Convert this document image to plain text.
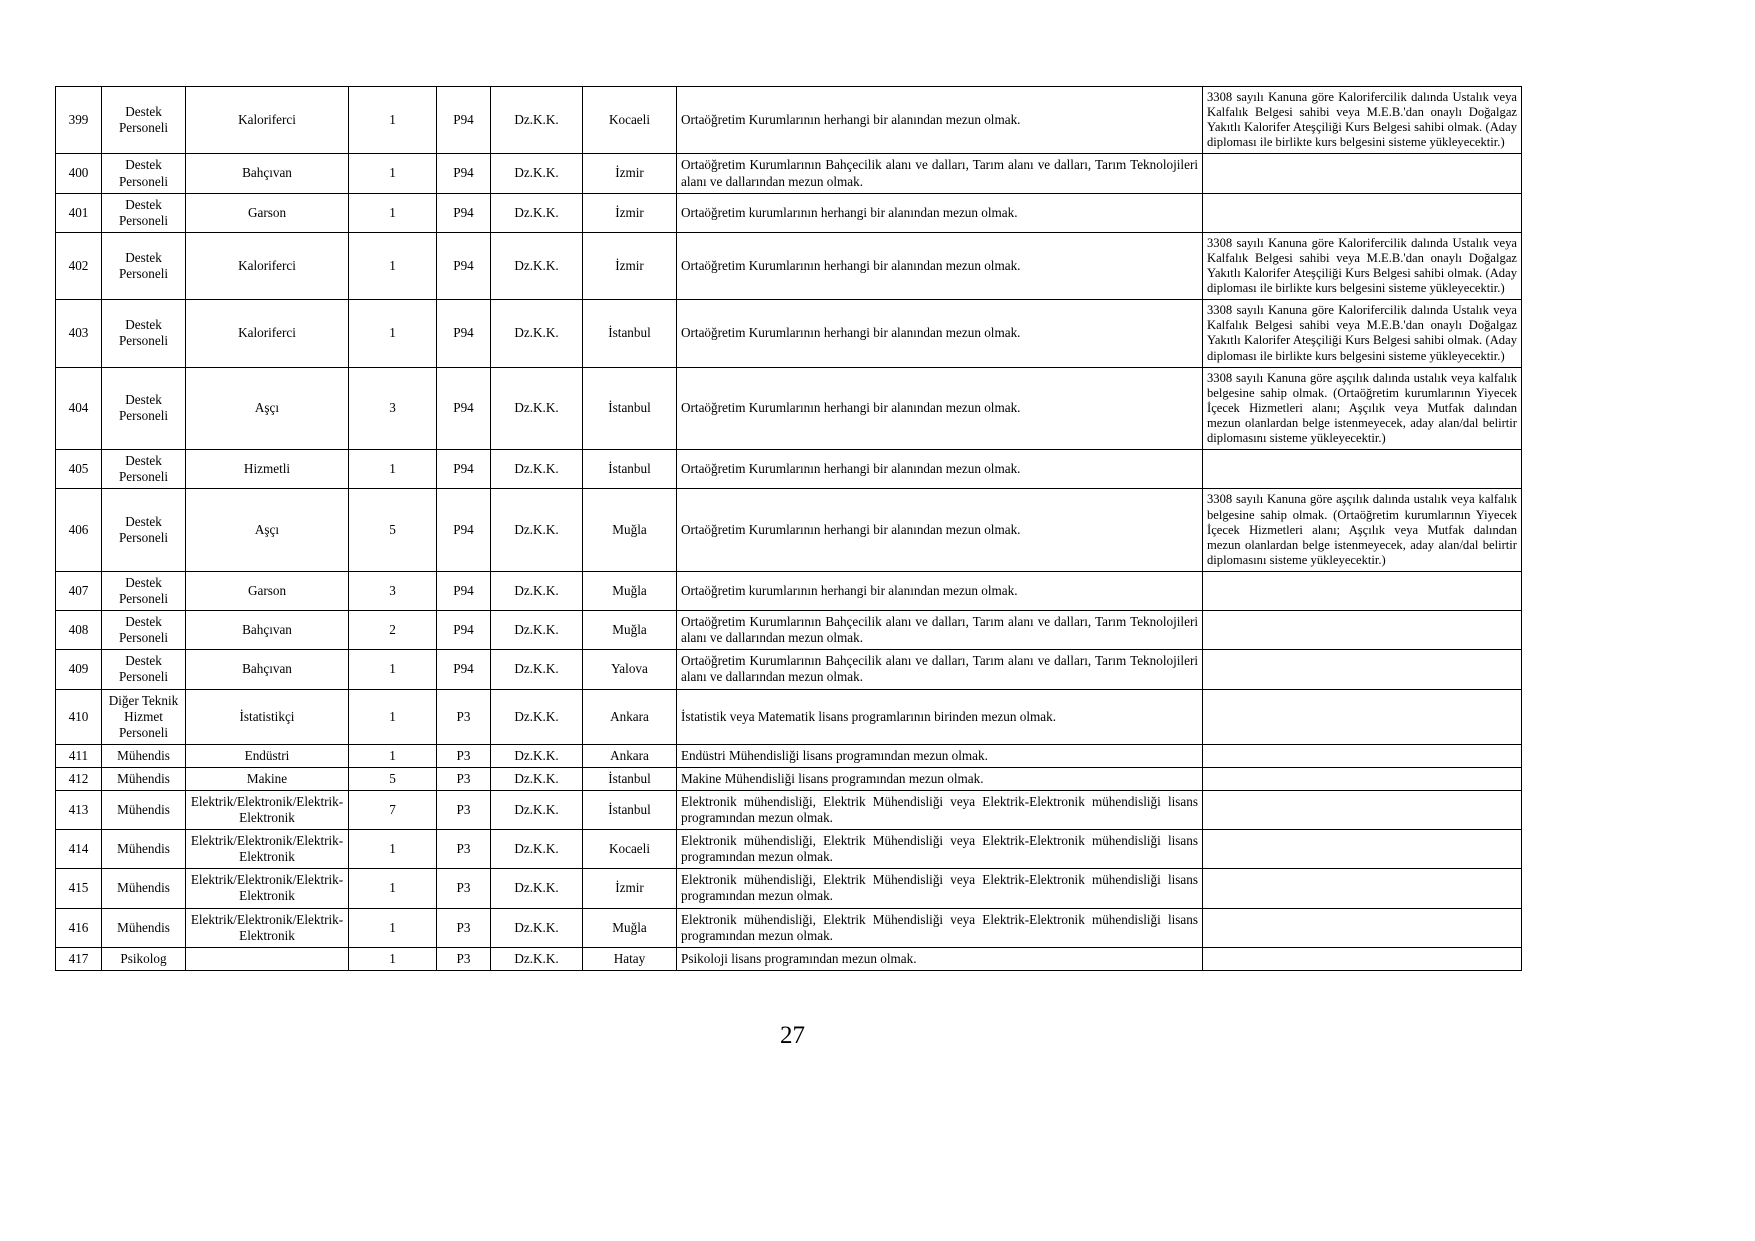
399	Destek Personeli	Kaloriferci	1	P94	Dz.K.K.	Kocaeli	Ortaöğretim Kurumlarının herhangi bir alanından mezun olmak.	3308 sayılı Kanuna göre Kalorifercilik dalında Ustalık veya Kalfalık Belgesi sahibi veya M.E.B.'dan onaylı Doğalgaz Yakıtlı Kalorifer Ateşçiliği Kurs Belgesi sahibi olmak. (Aday diploması ile birlikte kurs belgesini sisteme yükleyecektir.)
400	Destek Personeli	Bahçıvan	1	P94	Dz.K.K.	İzmir	Ortaöğretim Kurumlarının Bahçecilik alanı ve dalları, Tarım alanı ve dalları, Tarım Teknolojileri alanı ve dallarından mezun olmak.	
401	Destek Personeli	Garson	1	P94	Dz.K.K.	İzmir	Ortaöğretim kurumlarının herhangi bir alanından mezun olmak.	
402	Destek Personeli	Kaloriferci	1	P94	Dz.K.K.	İzmir	Ortaöğretim Kurumlarının herhangi bir alanından mezun olmak.	3308 sayılı Kanuna göre Kalorifercilik dalında Ustalık veya Kalfalık Belgesi sahibi veya M.E.B.'dan onaylı Doğalgaz Yakıtlı Kalorifer Ateşçiliği Kurs Belgesi sahibi olmak. (Aday diploması ile birlikte kurs belgesini sisteme yükleyecektir.)
403	Destek Personeli	Kaloriferci	1	P94	Dz.K.K.	İstanbul	Ortaöğretim Kurumlarının herhangi bir alanından mezun olmak.	3308 sayılı Kanuna göre Kalorifercilik dalında Ustalık veya Kalfalık Belgesi sahibi veya M.E.B.'dan onaylı Doğalgaz Yakıtlı Kalorifer Ateşçiliği Kurs Belgesi sahibi olmak. (Aday diploması ile birlikte kurs belgesini sisteme yükleyecektir.)
404	Destek Personeli	Aşçı	3	P94	Dz.K.K.	İstanbul	Ortaöğretim Kurumlarının herhangi bir alanından mezun olmak.	3308 sayılı Kanuna göre aşçılık dalında ustalık veya kalfalık belgesine sahip olmak. (Ortaöğretim kurumlarının Yiyecek İçecek Hizmetleri alanı; Aşçılık veya Mutfak dalından mezun olanlardan belge istenmeyecek, aday alan/dal belirtir diplomasını sisteme yükleyecektir.)
405	Destek Personeli	Hizmetli	1	P94	Dz.K.K.	İstanbul	Ortaöğretim Kurumlarının herhangi bir alanından mezun olmak.	
406	Destek Personeli	Aşçı	5	P94	Dz.K.K.	Muğla	Ortaöğretim Kurumlarının herhangi bir alanından mezun olmak.	3308 sayılı Kanuna göre aşçılık dalında ustalık veya kalfalık belgesine sahip olmak. (Ortaöğretim kurumlarının Yiyecek İçecek Hizmetleri alanı; Aşçılık veya Mutfak dalından mezun olanlardan belge istenmeyecek, aday alan/dal belirtir diplomasını sisteme yükleyecektir.)
407	Destek Personeli	Garson	3	P94	Dz.K.K.	Muğla	Ortaöğretim kurumlarının herhangi bir alanından mezun olmak.	
408	Destek Personeli	Bahçıvan	2	P94	Dz.K.K.	Muğla	Ortaöğretim Kurumlarının Bahçecilik alanı ve dalları, Tarım alanı ve dalları, Tarım Teknolojileri alanı ve dallarından mezun olmak.	
409	Destek Personeli	Bahçıvan	1	P94	Dz.K.K.	Yalova	Ortaöğretim Kurumlarının Bahçecilik alanı ve dalları, Tarım alanı ve dalları, Tarım Teknolojileri alanı ve dallarından mezun olmak.	
410	Diğer Teknik Hizmet Personeli	İstatistikçi	1	P3	Dz.K.K.	Ankara	İstatistik veya Matematik lisans programlarının birinden mezun olmak.	
411	Mühendis	Endüstri	1	P3	Dz.K.K.	Ankara	Endüstri Mühendisliği lisans programından mezun olmak.	
412	Mühendis	Makine	5	P3	Dz.K.K.	İstanbul	Makine Mühendisliği lisans programından mezun olmak.	
413	Mühendis	Elektrik/Elektronik/Elektrik-Elektronik	7	P3	Dz.K.K.	İstanbul	Elektronik mühendisliği, Elektrik Mühendisliği veya Elektrik-Elektronik mühendisliği lisans programından mezun olmak.	
414	Mühendis	Elektrik/Elektronik/Elektrik-Elektronik	1	P3	Dz.K.K.	Kocaeli	Elektronik mühendisliği, Elektrik Mühendisliği veya Elektrik-Elektronik mühendisliği lisans programından mezun olmak.	
415	Mühendis	Elektrik/Elektronik/Elektrik-Elektronik	1	P3	Dz.K.K.	İzmir	Elektronik mühendisliği, Elektrik Mühendisliği veya Elektrik-Elektronik mühendisliği lisans programından mezun olmak.	
416	Mühendis	Elektrik/Elektronik/Elektrik-Elektronik	1	P3	Dz.K.K.	Muğla	Elektronik mühendisliği, Elektrik Mühendisliği veya Elektrik-Elektronik mühendisliği lisans programından mezun olmak.	
417	Psikolog		1	P3	Dz.K.K.	Hatay	Psikoloji lisans programından mezun olmak.	
27
